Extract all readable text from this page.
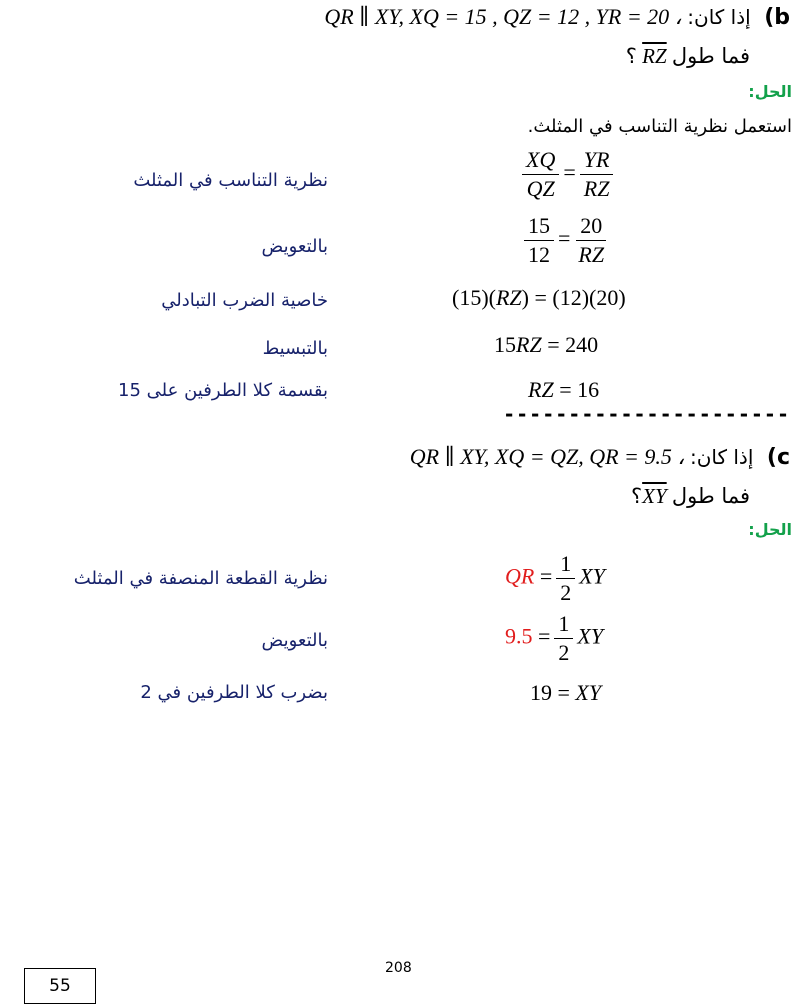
b) إذا كان: QR ∥ XY, XQ = 15 , QZ = 12 , YR = 20 ،
فما طول RZ ؟
الحل:
استعمل نظرية التناسب في المثلث.
$\frac{XQ}{QZ} = \frac{YR}{RZ}$
نظرية التناسب في المثلث
$\frac{15}{12} = \frac{20}{RZ}$
بالتعويض
(15)(RZ) = (12)(20)
خاصية الضرب التبادلي
15RZ = 240
بالتبسيط
RZ = 16
بقسمة كلا الطرفين على 15
----------------------
c) إذا كان: QR ∥ XY, XQ = QZ, QR = 9.5 ،
فما طول XY؟
الحل:
QR = $\frac{1}{2}$ XY
نظرية القطعة المنصفة في المثلث
$9.5 = \frac{1}{2}$ XY
بالتعويض
19 = XY
بضرب كلا الطرفين في 2
208
55
